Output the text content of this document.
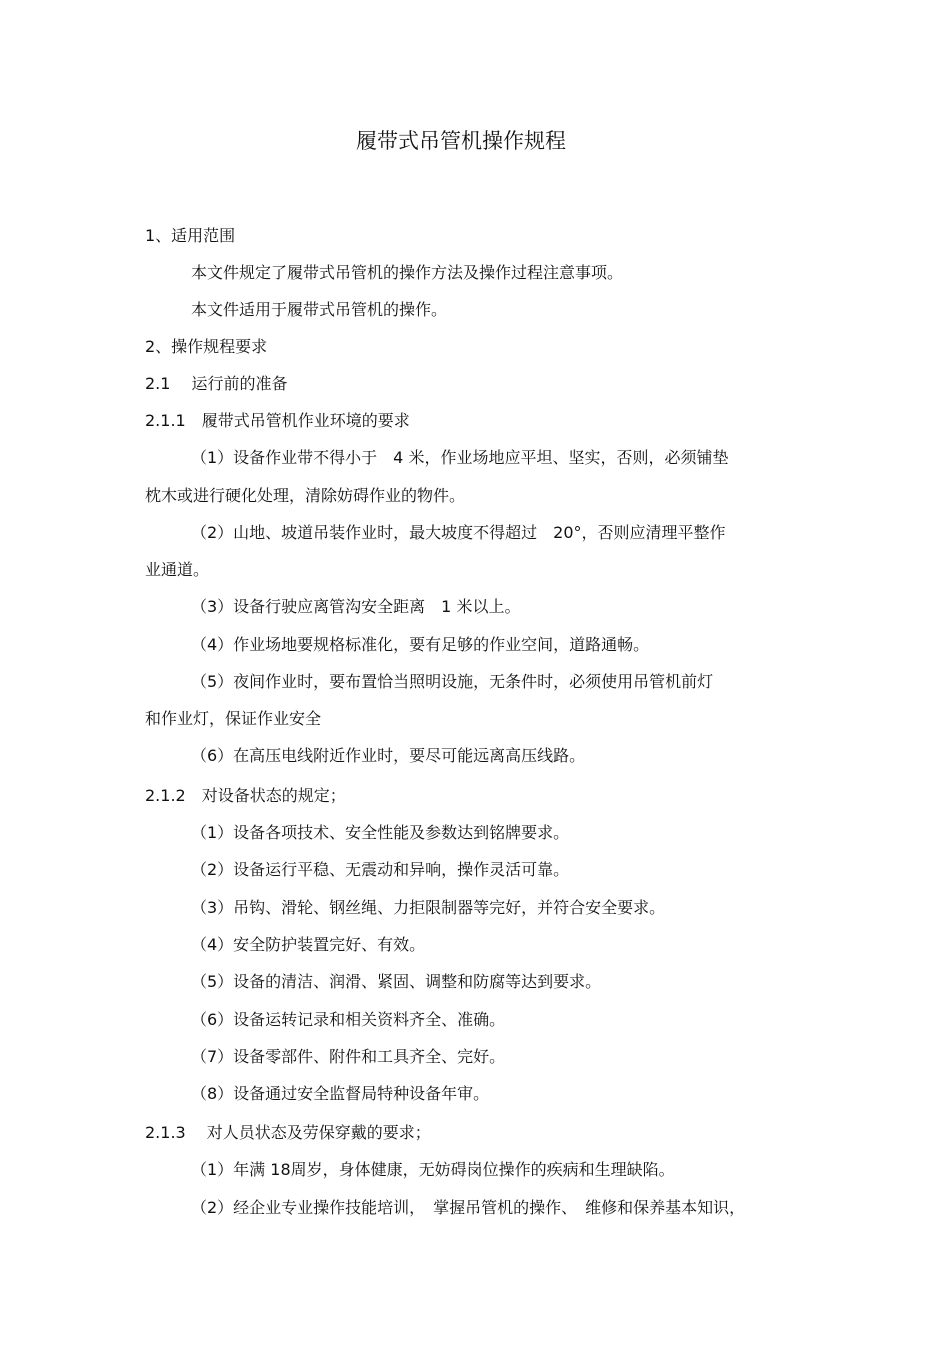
履带式吊管机操作规程
1、适用范围
本文件规定了履带式吊管机的操作方法及操作过程注意事项。
本文件适用于履带式吊管机的操作。
2、操作规程要求
2.1　 运行前的准备
2.1.1　履带式吊管机作业环境的要求
（1）设备作业带不得小于　4 米，作业场地应平坦、坚实，否则，必须铺垫
枕木或进行硬化处理，清除妨碍作业的物件。
（2）山地、坡道吊装作业时，最大坡度不得超过　20°，否则应清理平整作
业通道。
（3）设备行驶应离管沟安全距离　1 米以上。
（4）作业场地要规格标准化，要有足够的作业空间，道路通畅。
（5）夜间作业时，要布置恰当照明设施，无条件时，必须使用吊管机前灯
和作业灯，保证作业安全
（6）在高压电线附近作业时，要尽可能远离高压线路。
2.1.2　对设备状态的规定；
（1）设备各项技术、安全性能及参数达到铭牌要求。
（2）设备运行平稳、无震动和异响，操作灵活可靠。
（3）吊钩、滑轮、钢丝绳、力拒限制器等完好，并符合安全要求。
（4）安全防护装置完好、有效。
（5）设备的清洁、润滑、紧固、调整和防腐等达到要求。
（6）设备运转记录和相关资料齐全、准确。
（7）设备零部件、附件和工具齐全、完好。
（8）设备通过安全监督局特种设备年审。
2.1.3　 对人员状态及劳保穿戴的要求；
（1）年满 18周岁，身体健康，无妨碍岗位操作的疾病和生理缺陷。
（2）经企业专业操作技能培训，　掌握吊管机的操作、　维修和保养基本知识，
